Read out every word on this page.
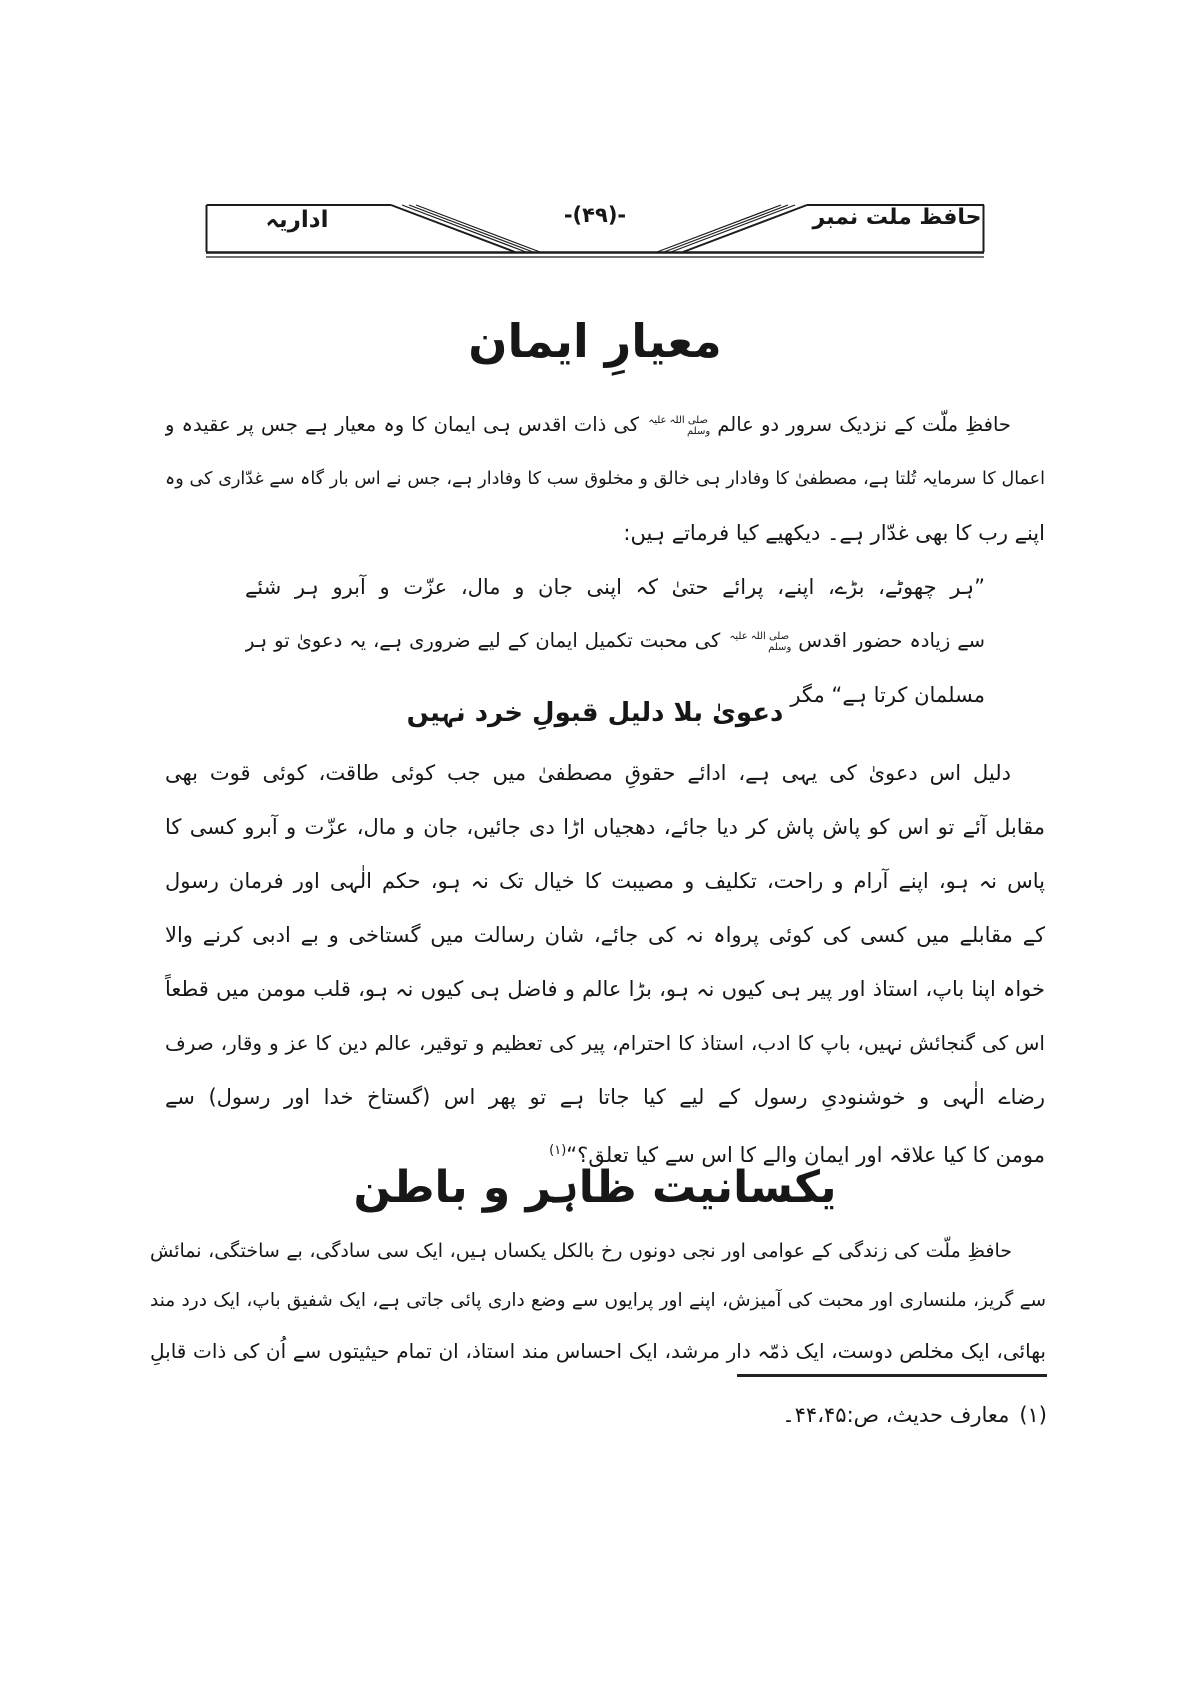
اداریہ	-(۴۹)-	حافظ ملت نمبر
معیارِ ایمان
حافظِ ملّت کے نزدیک سرور دو عالم صلی اللہ علیہ وسلم کی ذات اقدس ہی ایمان کا وہ معیار ہے جس پر عقیدہ و
اعمال کا سرمایہ تُلتا ہے، مصطفیٰ کا وفادار ہی خالق و مخلوق سب کا وفادار ہے، جس نے اس بار گاہ سے غدّاری کی وہ
اپنے رب کا بھی غدّار ہے۔ دیکھیے کیا فرماتے ہیں:
”ہر چھوٹے، بڑے، اپنے، پرائے حتیٰ کہ اپنی جان و مال، عزّت و آبرو ہر شئے
سے زیادہ حضور اقدس صلی اللہ علیہ وسلم کی محبت تکمیل ایمان کے لیے ضروری ہے، یہ دعویٰ تو ہر
مسلمان کرتا ہے“ مگر
دعویٰ بلا دلیل قبولِ خرد نہیں
دلیل اس دعویٰ کی یہی ہے، ادائے حقوقِ مصطفیٰ میں جب کوئی طاقت، کوئی قوت بھی
مقابل آئے تو اس کو پاش پاش کر دیا جائے، دھجیاں اڑا دی جائیں، جان و مال، عزّت و آبرو کسی کا
پاس نہ ہو، اپنے آرام و راحت، تکلیف و مصیبت کا خیال تک نہ ہو، حکم الٰہی اور فرمان رسول
کے مقابلے میں کسی کی کوئی پرواہ نہ کی جائے، شان رسالت میں گستاخی و بے ادبی کرنے والا
خواہ اپنا باپ، استاذ اور پیر ہی کیوں نہ ہو، بڑا عالم و فاضل ہی کیوں نہ ہو، قلب مومن میں قطعاً
اس کی گنجائش نہیں، باپ کا ادب، استاذ کا احترام، پیر کی تعظیم و توقیر، عالم دین کا عز و وقار، صرف
رضاے الٰہی و خوشنودیِ رسول کے لیے کیا جاتا ہے تو پھر اس (گستاخ خدا اور رسول) سے
مومن کا کیا علاقہ اور ایمان والے کا اس سے کیا تعلق؟“$^{(۱)}$
یکسانیت ظاہر و باطن
حافظِ ملّت کی زندگی کے عوامی اور نجی دونوں رخ بالکل یکساں ہیں، ایک سی سادگی، بے ساختگی، نمائش
سے گریز، ملنساری اور محبت کی آمیزش، اپنے اور پرایوں سے وضع داری پائی جاتی ہے، ایک شفیق باپ، ایک درد مند
بھائی، ایک مخلص دوست، ایک ذمّہ دار مرشد، ایک احساس مند استاذ، ان تمام حیثیتوں سے اُن کی ذات قابلِ
(۱)معارف حدیث، ص:۴۴،۴۵۔
